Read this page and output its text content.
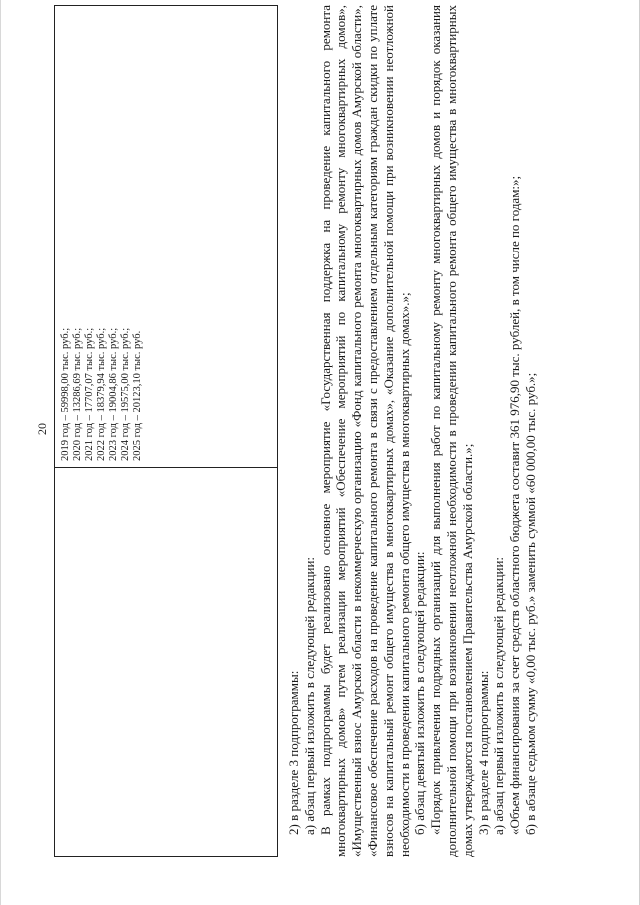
20 2019 год – 59998,00 тыс. руб.; 2020 год – 13286,69 тыс. руб.; 2021 год – 17707,07 тыс. руб.; 2022 год – 18379,94 тыс. руб.; 2023 год – 19004,86 тыс. руб.; 2024 год – 19575,00 тыс. руб.; 2025 год – 20123,10 тыс. руб.

2) в разделе 3 подпрограммы: а) абзац первый изложить в следующей редакции: В рамках подпрограммы будет реализовано основное мероприятие «Государственная поддержка на проведение капитального ремонта многоквартирных домов» путем реализации мероприятий «Обеспечение мероприятий по капитальному ремонту многоквартирных домов», «Имущественный взнос Амурской области в некоммерческую организацию «Фонд капитального ремонта многоквартирных домов Амурской области», «Финансовое обеспечение расходов на проведение капитального ремонта в связи с предоставлением отдельным категориям граждан скидки по уплате взносов на капитальный ремонт общего имущества в многоквартирных домах», «Оказание дополнительной помощи при возникновении неотложной необходимости в проведении капитального ремонта общего имущества в многоквартирных домах».»; б) абзац девятый изложить в следующей редакции: «Порядок привлечения подрядных организаций для выполнения работ по капитальному ремонту многоквартирных домов и порядок оказания дополнительной помощи при возникновении неотложной необходимости в проведении капитального ремонта общего имущества в многоквартирных домах утверждаются постановлением Правительства Амурской области.»; 3) в разделе 4 подпрограммы: а) абзац первый изложить в следующей редакции: «Объем финансирования за счет средств областного бюджета составит 361 976,90 тыс. рублей, в том числе по годам:»; б) в абзаце седьмом сумму «0,00 тыс. руб.» заменить суммой «60 000,00 тыс. руб.»;
